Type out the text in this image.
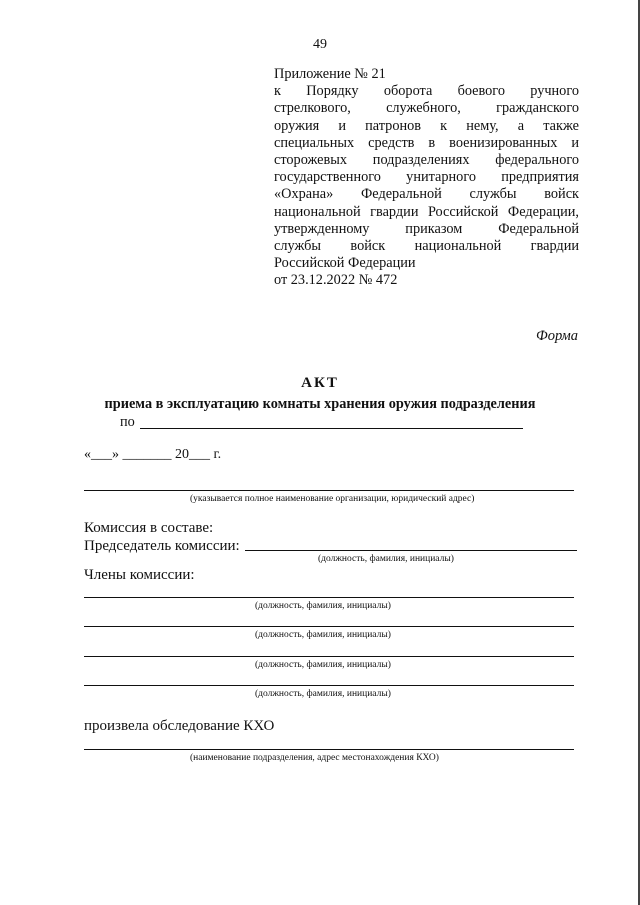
49
Приложение № 21
к Порядку оборота боевого ручного
стрелкового, служебного, гражданского
оружия и патронов к нему, а также
специальных средств в военизированных и
сторожевых подразделениях федерального
государственного унитарного предприятия
«Охрана» Федеральной службы войск
национальной гвардии Российской Федерации,
утвержденному приказом Федеральной
службы войск национальной гвардии
Российской Федерации
от 23.12.2022 № 472
Форма
АКТ
приема в эксплуатацию комнаты хранения оружия подразделения
по
«___» _______ 20___ г.
(указывается полное наименование организации, юридический адрес)
Комиссия в составе:
Председатель комиссии:
(должность, фамилия, инициалы)
Члены комиссии:
(должность, фамилия, инициалы)
(должность, фамилия, инициалы)
(должность, фамилия, инициалы)
(должность, фамилия, инициалы)
произвела обследование КХО
(наименование подразделения, адрес местонахождения КХО)
